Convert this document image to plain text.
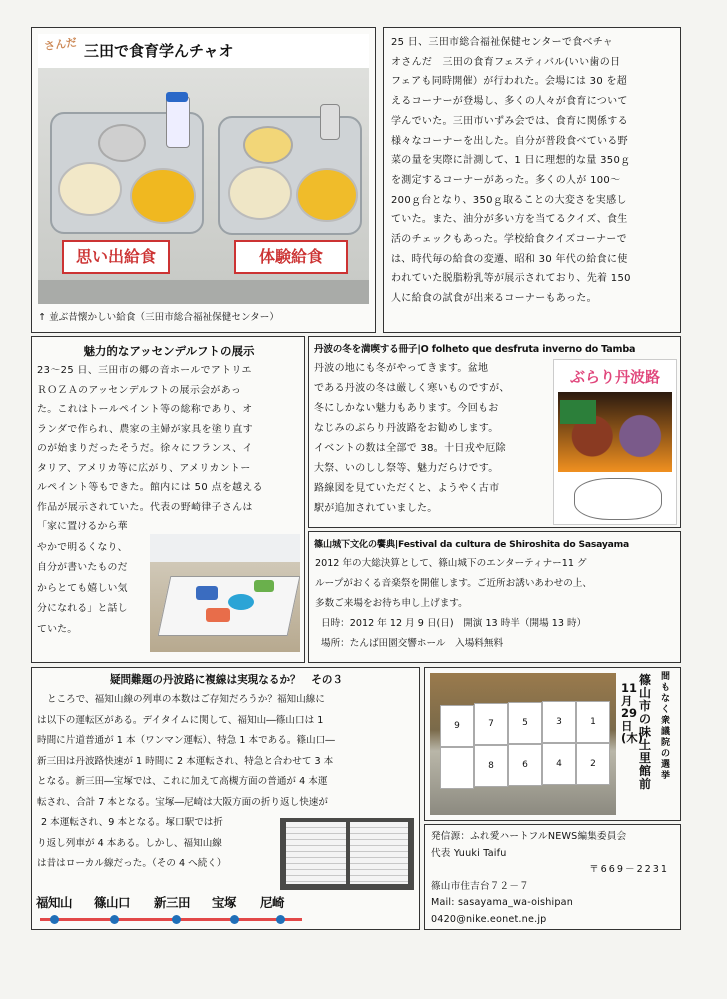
さんだ 三田で食育学んチャオ
思い出給食	体験給食
↑ 並ぶ昔懐かしい給食（三田市総合福祉保健センター）
25 日、三田市総合福祉保健センターで食べチャ
オさんだ　三田の食育フェスティバル(いい歯の日
フェアも同時開催）が行われた。会場には 30 を超
えるコーナーが登場し、多くの人々が食育について
学んでいた。三田市いずみ会では、食育に関係する
様々なコーナーを出した。自分が普段食べている野
菜の量を実際に計測して、1 日に理想的な量 350ｇ
を測定するコーナーがあった。多くの人が 100～
200ｇ台となり、350ｇ取ることの大変さを実感し
ていた。また、油分が多い方を当てるクイズ、食生
活のチェックもあった。学校給食クイズコーナーで
は、時代毎の給食の変遷、昭和 30 年代の給食に使
われていた脱脂粉乳等が展示されており、先着 150
人に給食の試食が出来るコーナーもあった。
魅力的なアッセンデルフトの展示
23～25 日、三田市の郷の音ホールでアトリエ
ＲＯＺＡのアッセンデルフトの展示会があっ
た。これはトールペイント等の総称であり、オ
ランダで作られ、農家の主婦が家具を塗り直す
のが始まりだったそうだ。徐々にフランス、イ
タリア、アメリカ等に広がり、アメリカントー
ルペイント等もできた。館内には 50 点を越える
作品が展示されていた。代表の野崎律子さんは
「家に置けるから華
やかで明るくなり、
自分が書いたものだ
からとても嬉しい気
分になれる」と話し
ていた。
丹波の冬を満喫する冊子|O folheto que desfruta inverno do Tamba
丹波の地にも冬がやってきます。盆地
である丹波の冬は厳しく寒いものですが、
冬にしかない魅力もあります。今回もお
なじみのぶらり丹波路をお勧めします。
イベントの数は全部で 38。十日戎や厄除
大祭、いのしし祭等、魅力だらけです。
路線図を見ていただくと、ようやく古市
駅が追加されていました。
ぶらり丹波路
篠山城下文化の饗典|Festival da cultura de Shiroshita do Sasayama
2012 年の大総決算として、篠山城下のエンターティナー11 グ
ループがおくる音楽祭を開催します。ご近所お誘いあわせの上、
多数ご来場をお待ち申し上げます。
日時：2012 年 12 月 9 日(日)　開演 13 時半（開場 13 時）
場所：たんば田園交響ホール　入場料無料
疑問難題の丹波路に複線は実現なるか？　その３
ところで、福知山線の列車の本数はご存知だろうか？福知山線に
は以下の運転区がある。デイタイムに関して、福知山―篠山口は 1
時間に片道普通が 1 本（ワンマン運転）、特急 1 本である。篠山口―
新三田は丹波路快速が 1 時間に 2 本運転され、特急と合わせて 3 本
となる。新三田―宝塚では、これに加えて高槻方面の普通が 4 本運
転され、合計 7 本となる。宝塚―尼崎は大阪方面の折り返し快速が
2 本運転され、9 本となる。塚口駅では折
り返し列車が 4 本ある。しかし、福知山線
は昔はローカル線だった。（その 4 へ続く）
福知山 篠山口 新三田 宝塚 尼崎
9	7	5	3	1
8	6	4	2
篠山市の味土里館前
11月29日(木)
間もなく衆議院の選挙
発信源：ふれ愛ハートフルNEWS編集委員会
代表 Yuuki Taifu
〒669－2231
篠山市住吉台７２－７
Mail: sasayama_wa-oishipan
0420@nike.eonet.ne.jp
